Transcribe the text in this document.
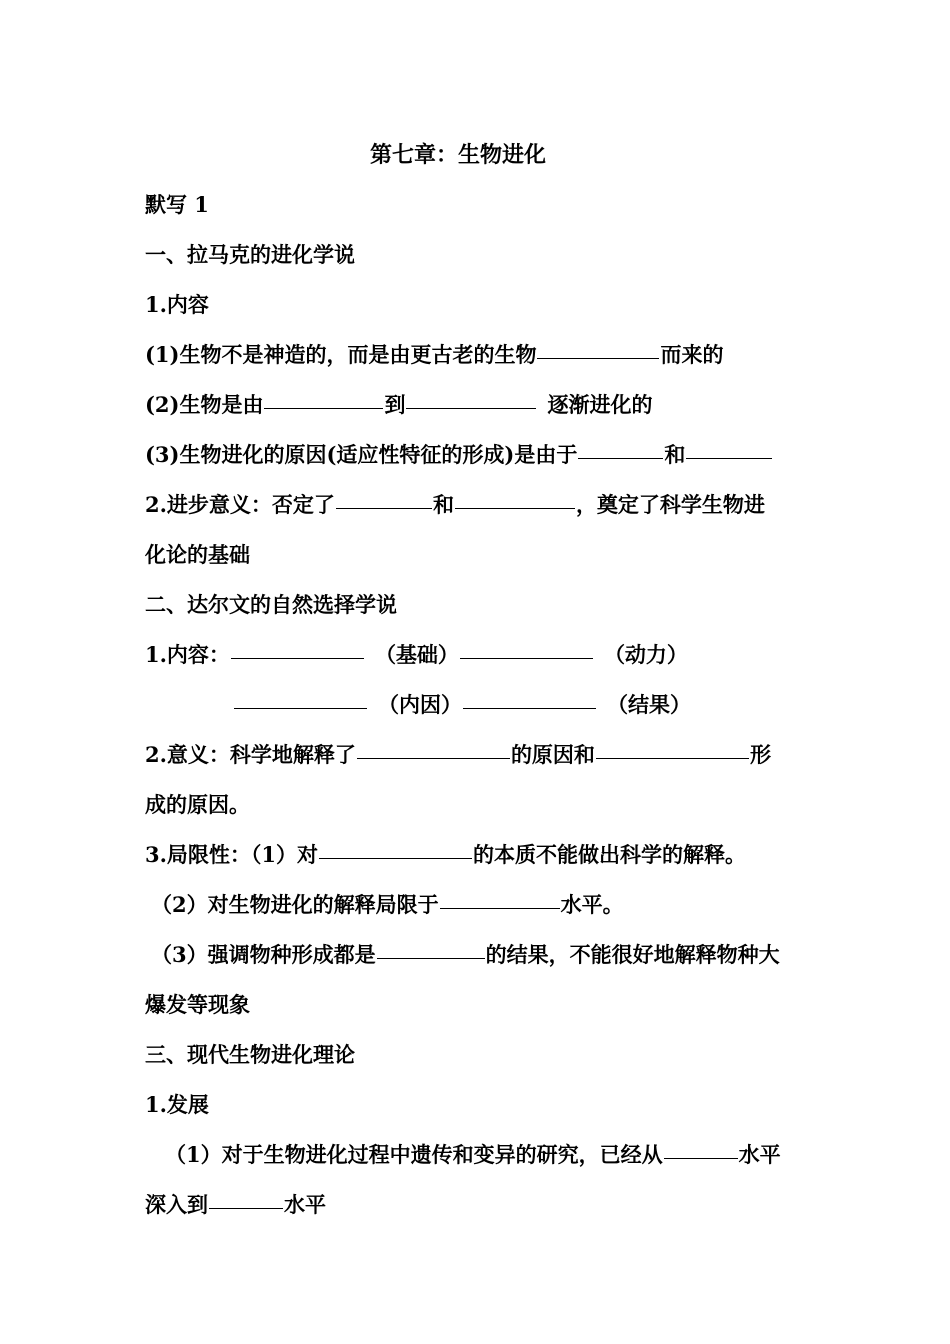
第七章：生物进化
默写 1
一、拉马克的进化学说
1.内容
(1)生物不是神造的，而是由更古老的生物	而来的
(2)生物是由	到	逐渐进化的
(3)生物进化的原因(适应性特征的形成)是由于	和
2.进步意义：否定了	和	，奠定了科学生物进
化论的基础
二、达尔文的自然选择学说
1.内容：	（基础）	（动力）
（内因）	（结果）
2.意义：科学地解释了	的原因和	形
成的原因。
3.局限性：（1）对	的本质不能做出科学的解释。
（2）对生物进化的解释局限于	水平。
（3）强调物种形成都是	的结果，不能很好地解释物种大
爆发等现象
三、现代生物进化理论
1.发展
（1）对于生物进化过程中遗传和变异的研究，已经从	水平
深入到	水平
